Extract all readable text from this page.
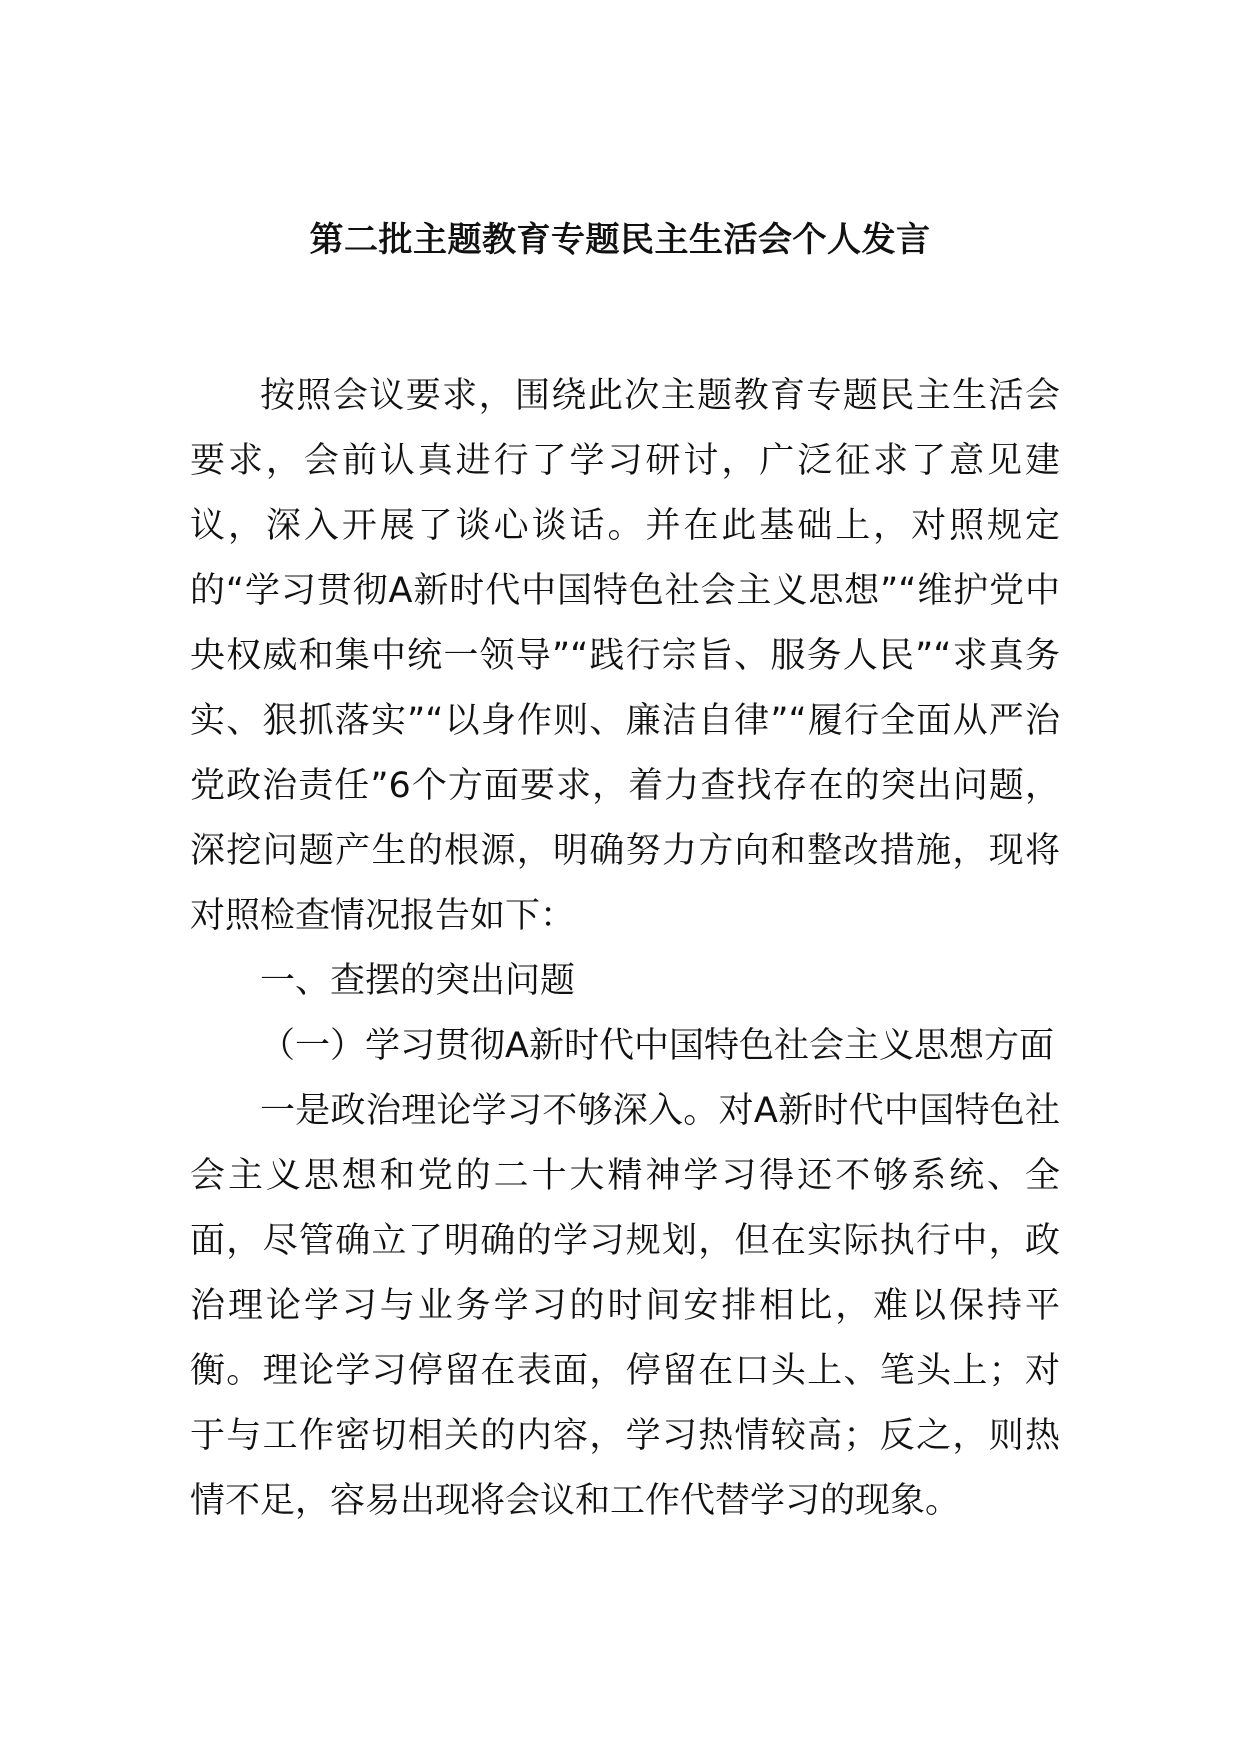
第二批主题教育专题民主生活会个人发言

按照会议要求，围绕此次主题教育专题民主生活会要求，会前认真进行了学习研讨，广泛征求了意见建议，深入开展了谈心谈话。并在此基础上，对照规定的“学习贯彻A新时代中国特色社会主义思想”“维护党中央权威和集中统一领导”“践行宗旨、服务人民”“求真务实、狠抓落实”“以身作则、廉洁自律”“履行全面从严治党政治责任”6个方面要求，着力查找存在的突出问题，深挖问题产生的根源，明确努力方向和整改措施，现将对照检查情况报告如下：

一、查摆的突出问题

（一）学习贯彻A新时代中国特色社会主义思想方面

一是政治理论学习不够深入。对A新时代中国特色社会主义思想和党的二十大精神学习得还不够系统、全面，尽管确立了明确的学习规划，但在实际执行中，政治理论学习与业务学习的时间安排相比，难以保持平衡。理论学习停留在表面，停留在口头上、笔头上；对于与工作密切相关的内容，学习热情较高；反之，则热情不足，容易出现将会议和工作代替学习的现象。
